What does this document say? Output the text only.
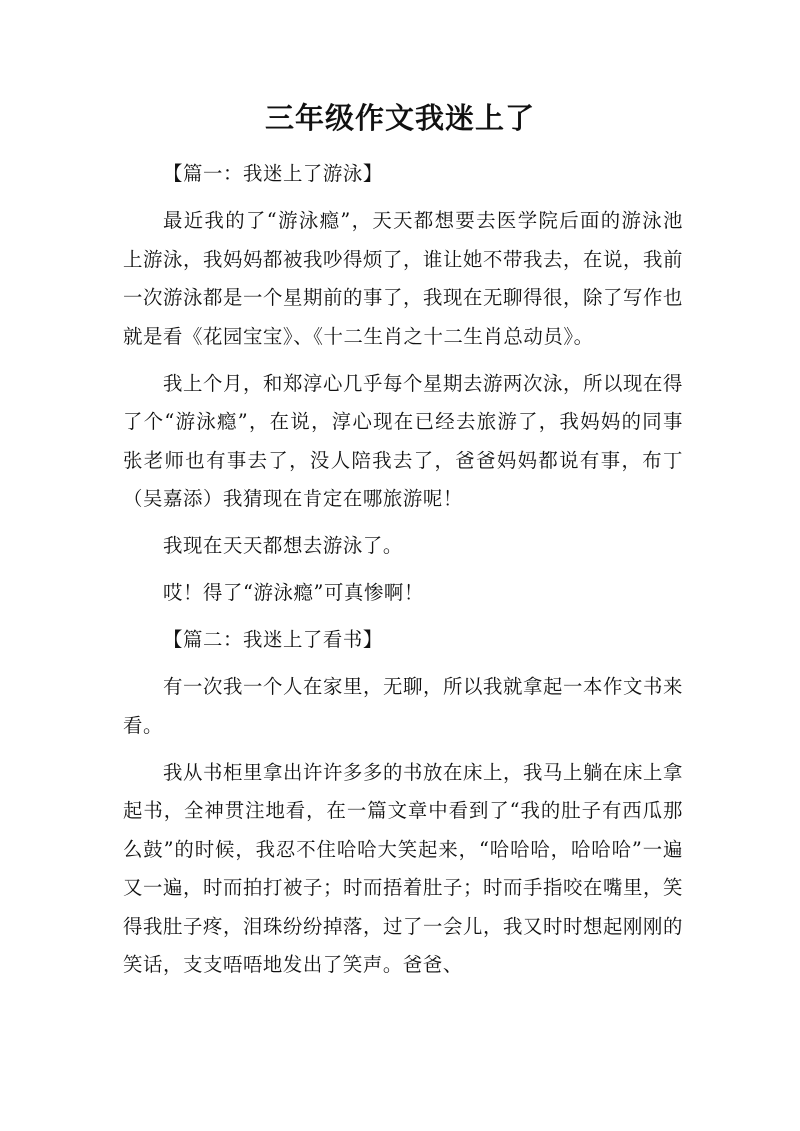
三年级作文我迷上了

【篇一：我迷上了游泳】

最近我的了“游泳瘾”，天天都想要去医学院后面的游泳池上游泳，我妈妈都被我吵得烦了，谁让她不带我去，在说，我前一次游泳都是一个星期前的事了，我现在无聊得很，除了写作也就是看《花园宝宝》、《十二生肖之十二生肖总动员》。

我上个月，和郑淳心几乎每个星期去游两次泳，所以现在得了个“游泳瘾”，在说，淳心现在已经去旅游了，我妈妈的同事张老师也有事去了，没人陪我去了，爸爸妈妈都说有事，布丁（吴嘉添）我猜现在肯定在哪旅游呢！

我现在天天都想去游泳了。

哎！得了“游泳瘾”可真惨啊！

【篇二：我迷上了看书】

有一次我一个人在家里，无聊，所以我就拿起一本作文书来看。

我从书柜里拿出许许多多的书放在床上，我马上躺在床上拿起书，全神贯注地看，在一篇文章中看到了“我的肚子有西瓜那么鼓”的时候，我忍不住哈哈大笑起来，“哈哈哈，哈哈哈”一遍又一遍，时而拍打被子；时而捂着肚子；时而手指咬在嘴里，笑得我肚子疼，泪珠纷纷掉落，过了一会儿，我又时时想起刚刚的笑话，支支唔唔地发出了笑声。爸爸、
